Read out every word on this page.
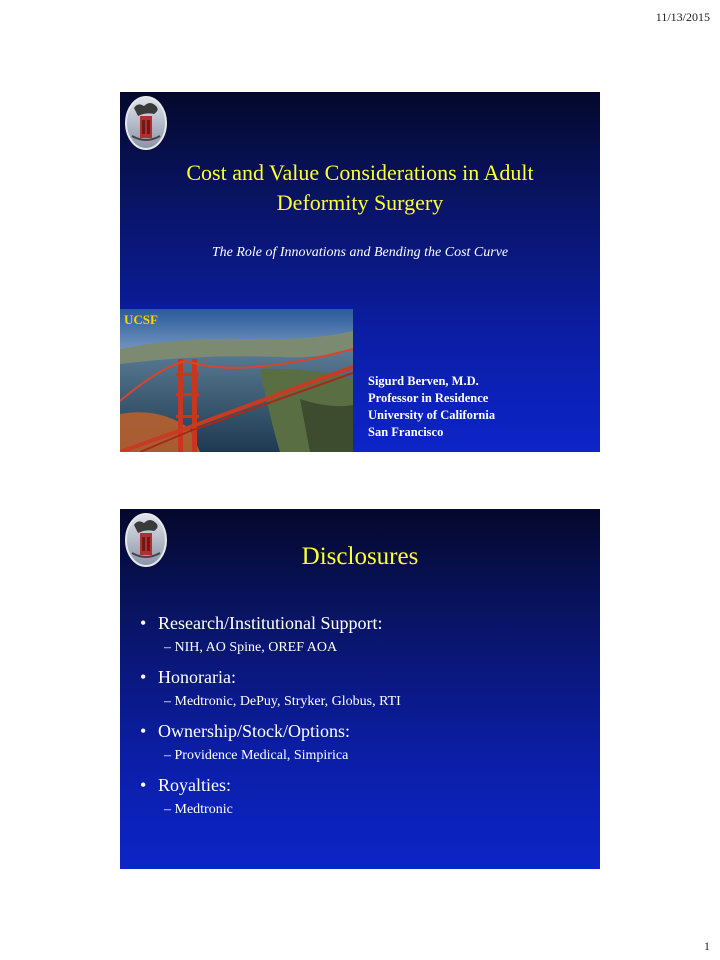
11/13/2015
Cost and Value Considerations in Adult Deformity Surgery
The Role of Innovations and Bending the Cost Curve
UCSF
Sigurd Berven, M.D.
Professor in Residence
University of California
San Francisco
Disclosures
• Research/Institutional Support:
– NIH, AO Spine, OREF AOA
• Honoraria:
– Medtronic, DePuy, Stryker, Globus, RTI
• Ownership/Stock/Options:
– Providence Medical, Simpirica
• Royalties:
– Medtronic
1
